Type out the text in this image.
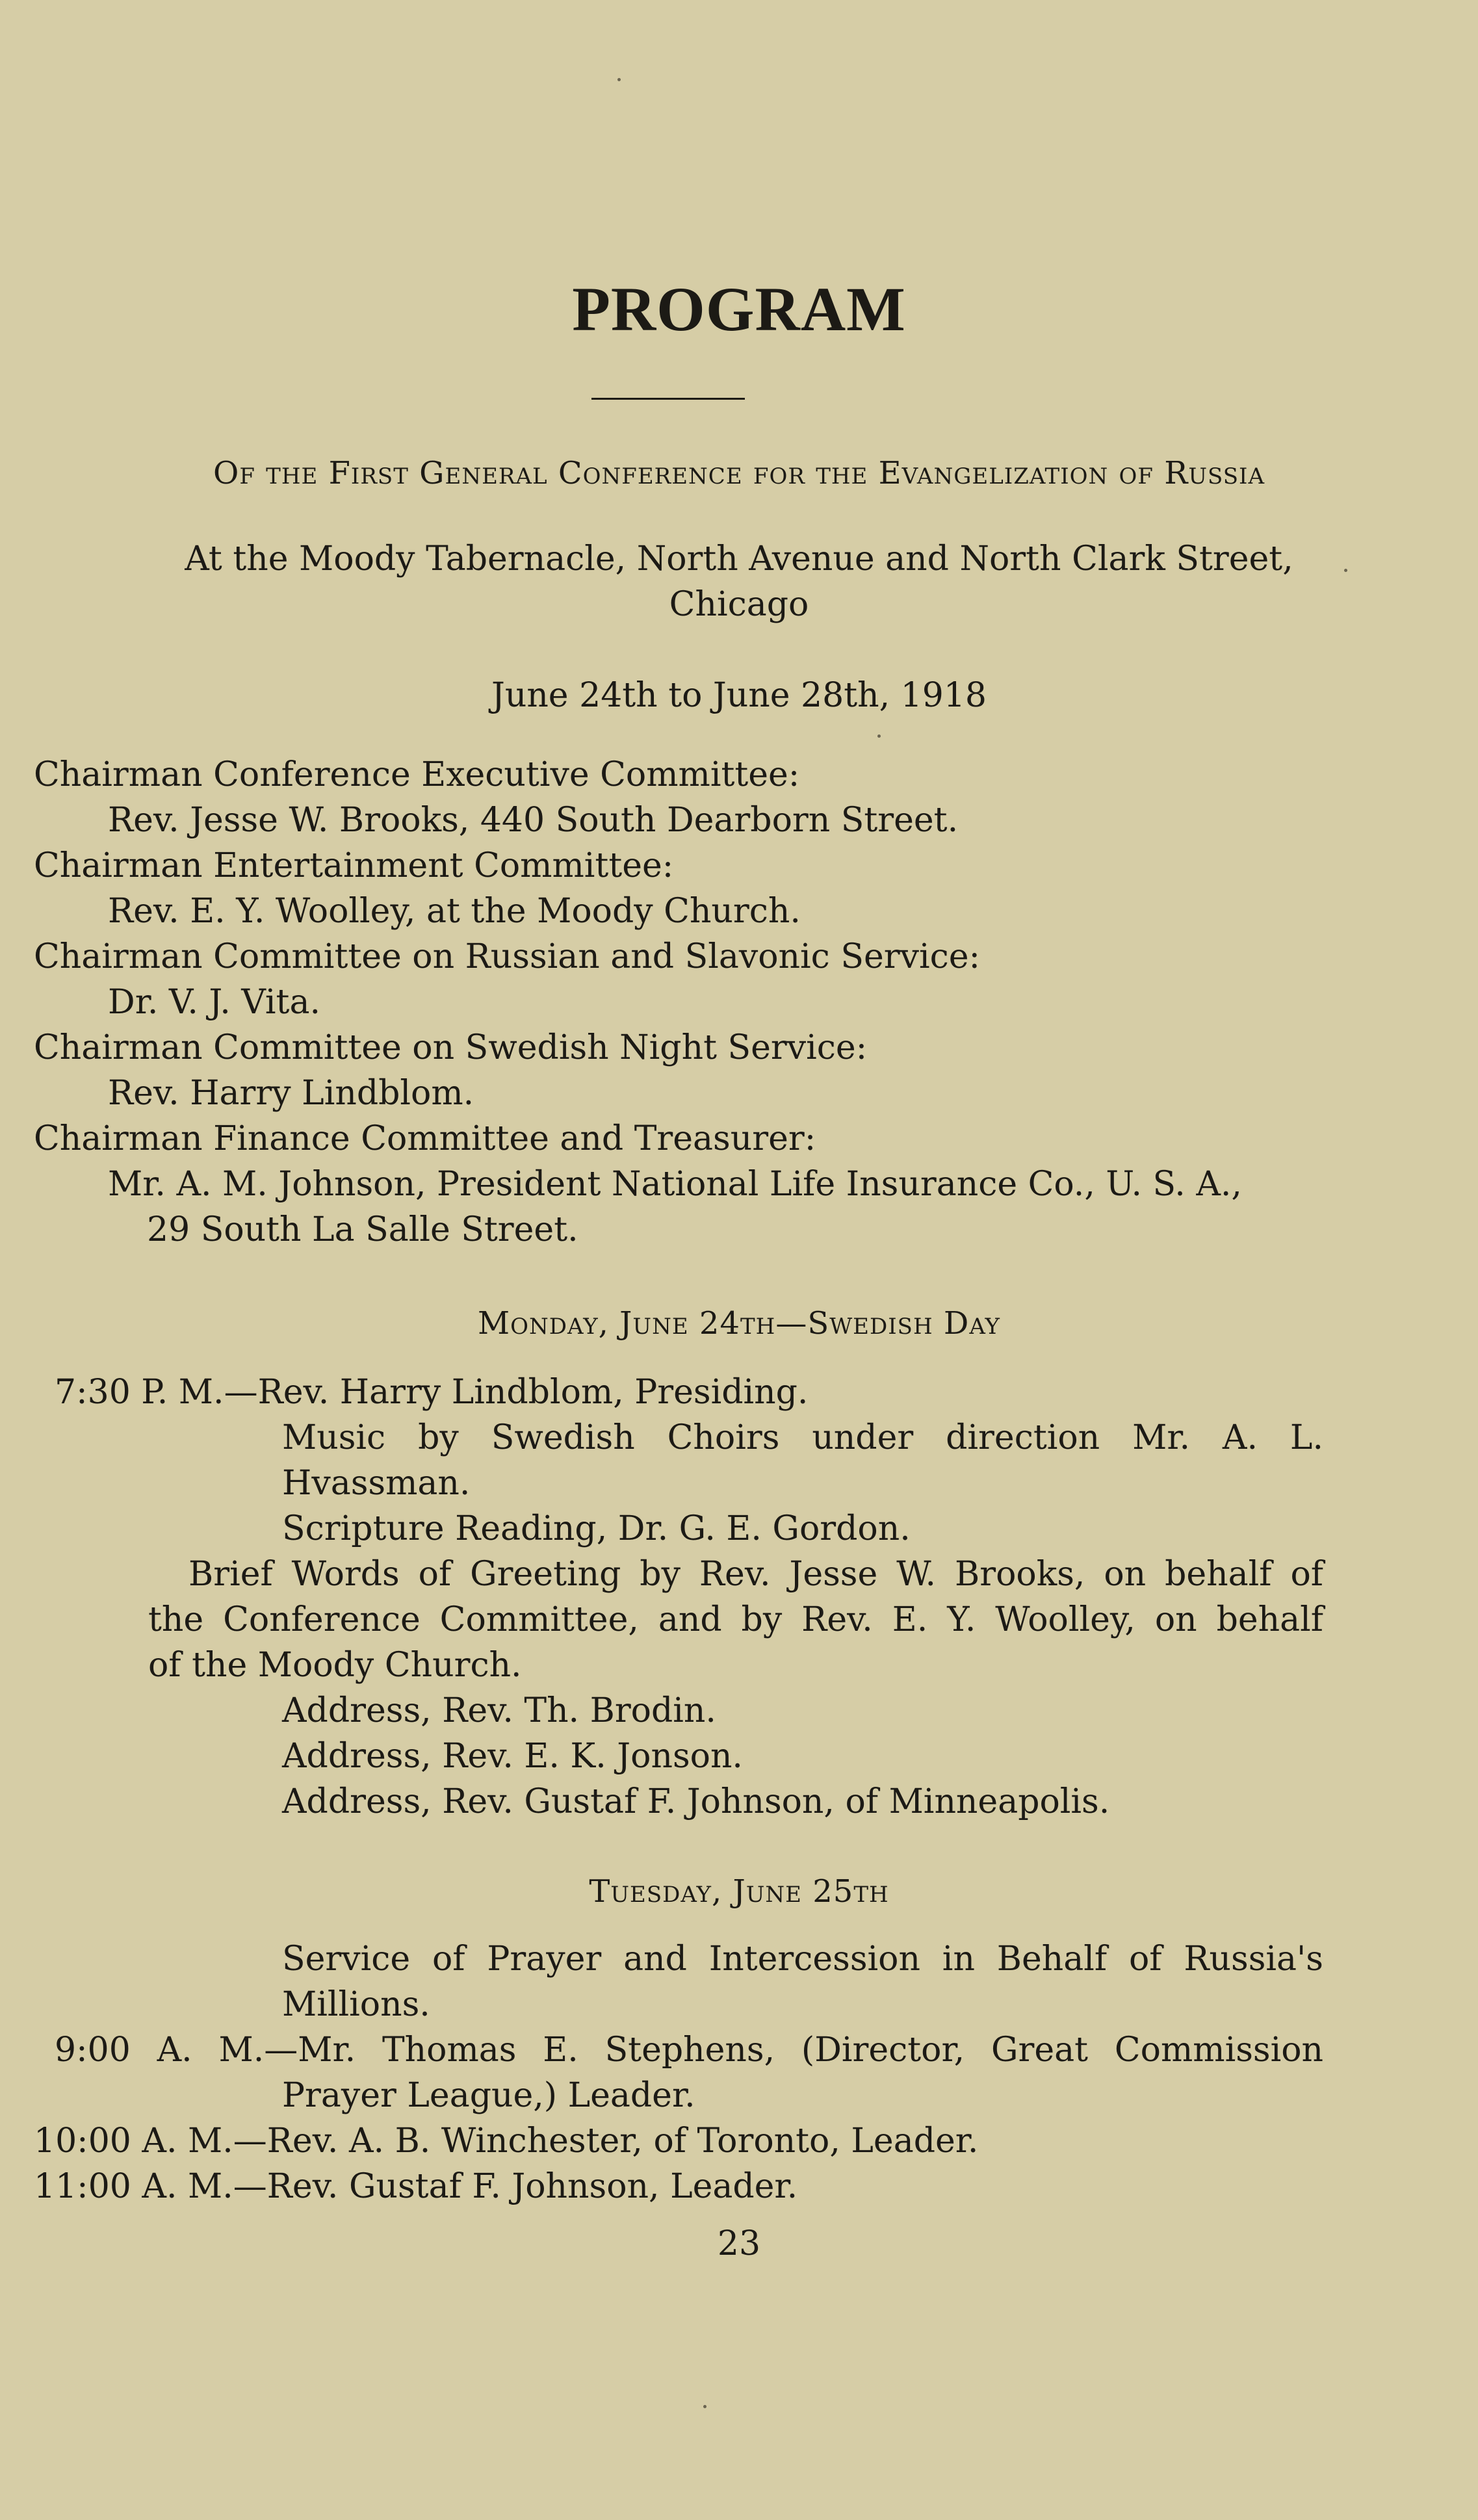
PROGRAM
Of the First General Conference for the Evangelization of Russia
At the Moody Tabernacle, North Avenue and North Clark Street,
Chicago
June 24th to June 28th, 1918
Chairman Conference Executive Committee:
Rev. Jesse W. Brooks, 440 South Dearborn Street.
Chairman Entertainment Committee:
Rev. E. Y. Woolley, at the Moody Church.
Chairman Committee on Russian and Slavonic Service:
Dr. V. J. Vita.
Chairman Committee on Swedish Night Service:
Rev. Harry Lindblom.
Chairman Finance Committee and Treasurer:
Mr. A. M. Johnson, President National Life Insurance Co., U. S. A.,
29 South La Salle Street.
Monday, June 24th—Swedish Day
7:30 P. M.—Rev. Harry Lindblom, Presiding.
Music by Swedish Choirs under direction Mr. A. L.
Hvassman.
Scripture Reading, Dr. G. E. Gordon.
Brief Words of Greeting by Rev. Jesse W. Brooks, on behalf of
the Conference Committee, and by Rev. E. Y. Woolley, on behalf
of the Moody Church.
Address, Rev. Th. Brodin.
Address, Rev. E. K. Jonson.
Address, Rev. Gustaf F. Johnson, of Minneapolis.
Tuesday, June 25th
Service of Prayer and Intercession in Behalf of Russia's
Millions.
9:00 A. M.—Mr. Thomas E. Stephens, (Director, Great Commission
Prayer League,) Leader.
10:00 A. M.—Rev. A. B. Winchester, of Toronto, Leader.
11:00 A. M.—Rev. Gustaf F. Johnson, Leader.
23
